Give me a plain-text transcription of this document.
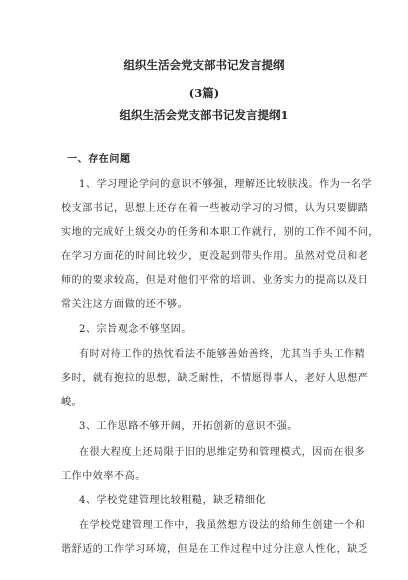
组织生活会党支部书记发言提纲
(3篇)
组织生活会党支部书记发言提纲1
一、存在问题
1、学习理论学问的意识不够强，理解还比较肤浅。作为一名学
校支部书记，思想上还存在着一些被动学习的习惯，认为只要脚踏
实地的完成好上级交办的任务和本职工作就行，别的工作不闻不问，
在学习方面花的时间比较少，更没起到带头作用。虽然对党员和老
师的的要求较高，但是对他们平常的培训、业务实力的提高以及日
常关注这方面做的还不够。
2、宗旨观念不够坚固。
有时对待工作的热忱看法不能够善始善终，尤其当手头工作精
多时，就有抱拉的思想，缺乏耐性，不情愿得事人，老好人思想严
峻。
3、工作思路不够开阔，开拓创新的意识不强。
在很大程度上还局限于旧的思维定势和管理模式，因而在很多
工作中效率不高。
4、学校党建管理比较粗糙，缺乏精细化
在学校党建管理工作中，我虽然想方设法的给师生创建一个和
谐舒适的工作学习环境，但是在工作过程中过分注意人性化，缺乏
